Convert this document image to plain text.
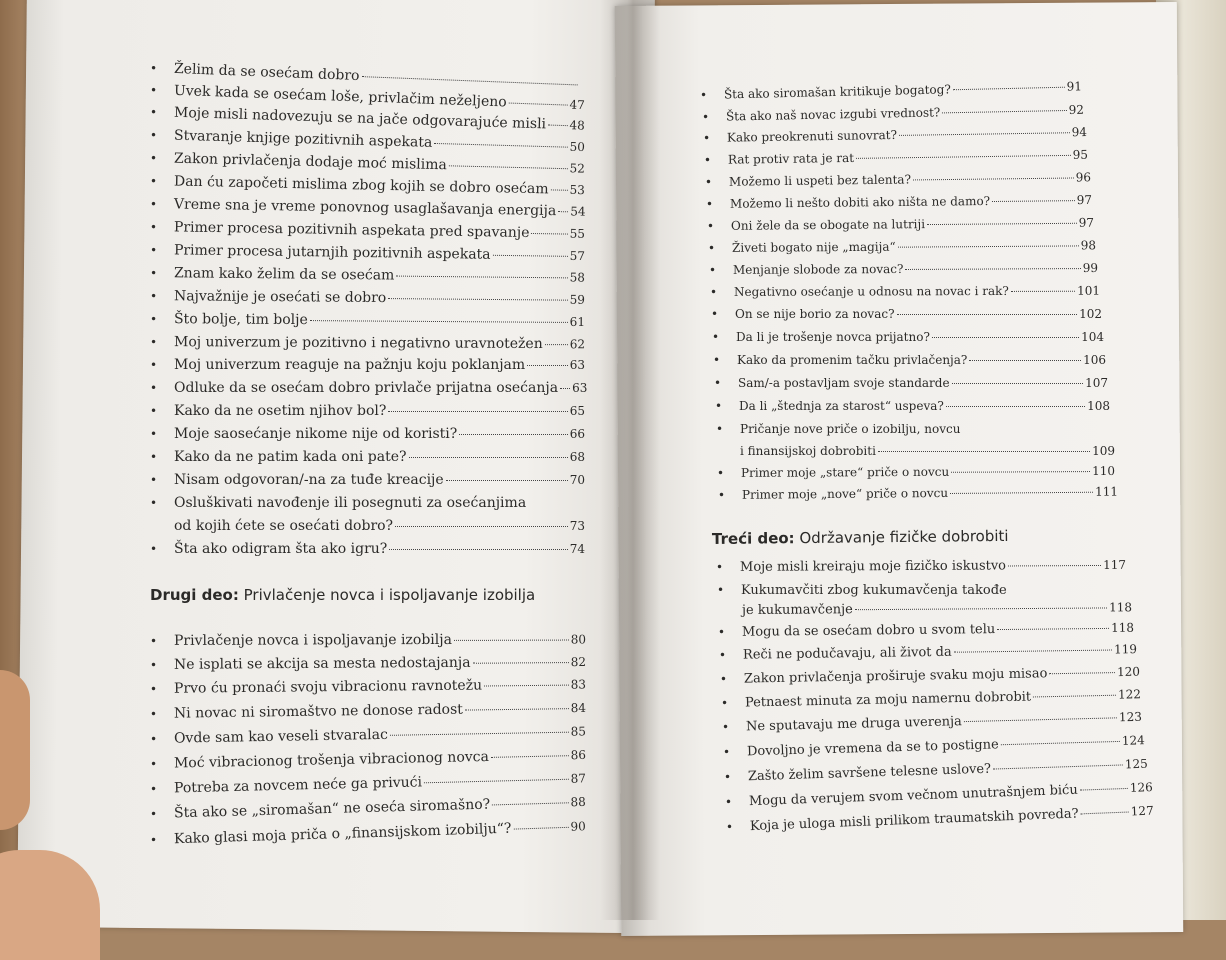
•
Želim da se osećam dobro
•
Uvek kada se osećam loše, privlačim neželjeno	47
•
Moje misli nadovezuju se na jače odgovarajuće misli 48
•
Stvaranje knjige pozitivnih aspekata	50
•
Zakon privlačenja dodaje moć mislima	52
•
Dan ću započeti mislima zbog kojih se dobro osećam 53
•
Vreme sna je vreme ponovnog usaglašavanja energija 54
•
Primer procesa pozitivnih aspekata pred spavanje	55
•
Primer procesa jutarnjih pozitivnih aspekata	57
•
Znam kako želim da se osećam	58
•
Najvažnije je osećati se dobro	59
•
Što bolje, tim bolje	61
•
Moj univerzum je pozitivno i negativno uravnotežen 62
•
Moj univerzum reaguje na pažnju koju poklanjam	63
•
Odluke da se osećam dobro privlače prijatna osećanja 63
•
Kako da ne osetim njihov bol?	65
•
Moje saosećanje nikome nije od koristi?	66
•
Kako da ne patim kada oni pate?	68
•
Nisam odgovoran/-na za tuđe kreacije	70
•
Osluškivati navođenje ili posegnuti za osećanjima
od kojih ćete se osećati dobro?	73
•
Šta ako odigram šta ako igru?	74
Drugi deo: Privlačenje novca i ispoljavanje izobilja
•
Privlačenje novca i ispoljavanje izobilja	80
•
Ne isplati se akcija sa mesta nedostajanja	82
•
Prvo ću pronaći svoju vibracionu ravnotežu	83
•
Ni novac ni siromaštvo ne donose radost	84
•
Ovde sam kao veseli stvaralac	85
•
Moć vibracionog trošenja vibracionog novca	86
•
Potreba za novcem neće ga privući	87
•
Šta ako se „siromašan“ ne oseća siromašno?	88
•
Kako glasi moja priča o „finansijskom izobilju“?	90
•
Šta ako siromašan kritikuje bogatog?	91
•
Šta ako naš novac izgubi vrednost?	92
•
Kako preokrenuti sunovrat?	94
•
Rat protiv rata je rat	95
•
Možemo li uspeti bez talenta?	96
•
Možemo li nešto dobiti ako ništa ne damo?	97
•
Oni žele da se obogate na lutriji	97
•
Živeti bogato nije „magija“	98
•
Menjanje slobode za novac?	99
•
Negativno osećanje u odnosu na novac i rak?	101
•
On se nije borio za novac?	102
•
Da li je trošenje novca prijatno?	104
•
Kako da promenim tačku privlačenja?	106
•
Sam/-a postavljam svoje standarde	107
•
Da li „štednja za starost“ uspeva?	108
•
Pričanje nove priče o izobilju, novcu
i finansijskoj dobrobiti	109
•
Primer moje „stare“ priče o novcu	110
•
Primer moje „nove“ priče o novcu	111
Treći deo: Održavanje fizičke dobrobiti
•
Moje misli kreiraju moje fizičko iskustvo	117
•
Kukumavčiti zbog kukumavčenja takođe
je kukumavčenje	118
•
Mogu da se osećam dobro u svom telu	118
•
Reči ne podučavaju, ali život da	119
•
Zakon privlačenja proširuje svaku moju misao	120
•
Petnaest minuta za moju namernu dobrobit	122
•
Ne sputavaju me druga uverenja	123
•
Dovoljno je vremena da se to postigne	124
•
Zašto želim savršene telesne uslove?	125
•
Mogu da verujem svom večnom unutrašnjem biću	126
•
Koja je uloga misli prilikom traumatskih povreda?	127
